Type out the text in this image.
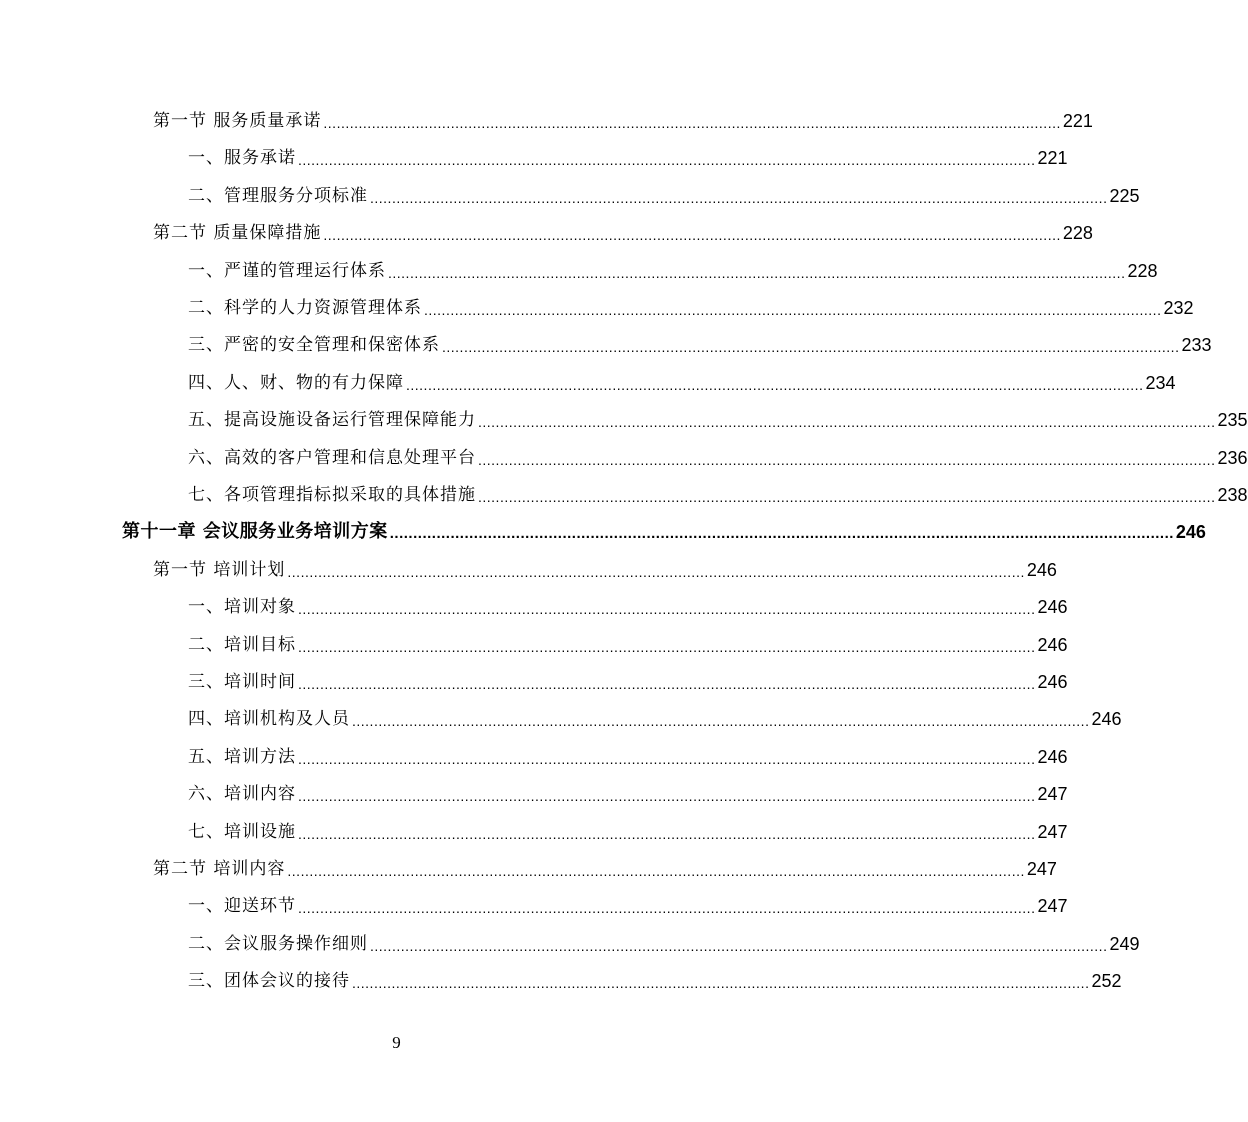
第一节 服务质量承诺 ........................................................................................................................................................................ 221
一、服务承诺 ........................................................................................................................................................................ 221
二、管理服务分项标准 ........................................................................................................................................................................ 225
第二节 质量保障措施 ........................................................................................................................................................................ 228
一、严谨的管理运行体系 ........................................................................................................................................................................ 228
二、科学的人力资源管理体系 ........................................................................................................................................................................ 232
三、严密的安全管理和保密体系 ........................................................................................................................................................................ 233
四、人、财、物的有力保障 ........................................................................................................................................................................ 234
五、提高设施设备运行管理保障能力 ........................................................................................................................................................................ 235
六、高效的客户管理和信息处理平台 ........................................................................................................................................................................ 236
七、各项管理指标拟采取的具体措施 ........................................................................................................................................................................ 238
第十一章 会议服务业务培训方案 ........................................................................................................................................................................ 246
第一节 培训计划 ........................................................................................................................................................................ 246
一、培训对象 ........................................................................................................................................................................ 246
二、培训目标 ........................................................................................................................................................................ 246
三、培训时间 ........................................................................................................................................................................ 246
四、培训机构及人员 ........................................................................................................................................................................ 246
五、培训方法 ........................................................................................................................................................................ 246
六、培训内容 ........................................................................................................................................................................ 247
七、培训设施 ........................................................................................................................................................................ 247
第二节 培训内容 ........................................................................................................................................................................ 247
一、迎送环节 ........................................................................................................................................................................ 247
二、会议服务操作细则 ........................................................................................................................................................................ 249
三、团体会议的接待 ........................................................................................................................................................................ 252
9
